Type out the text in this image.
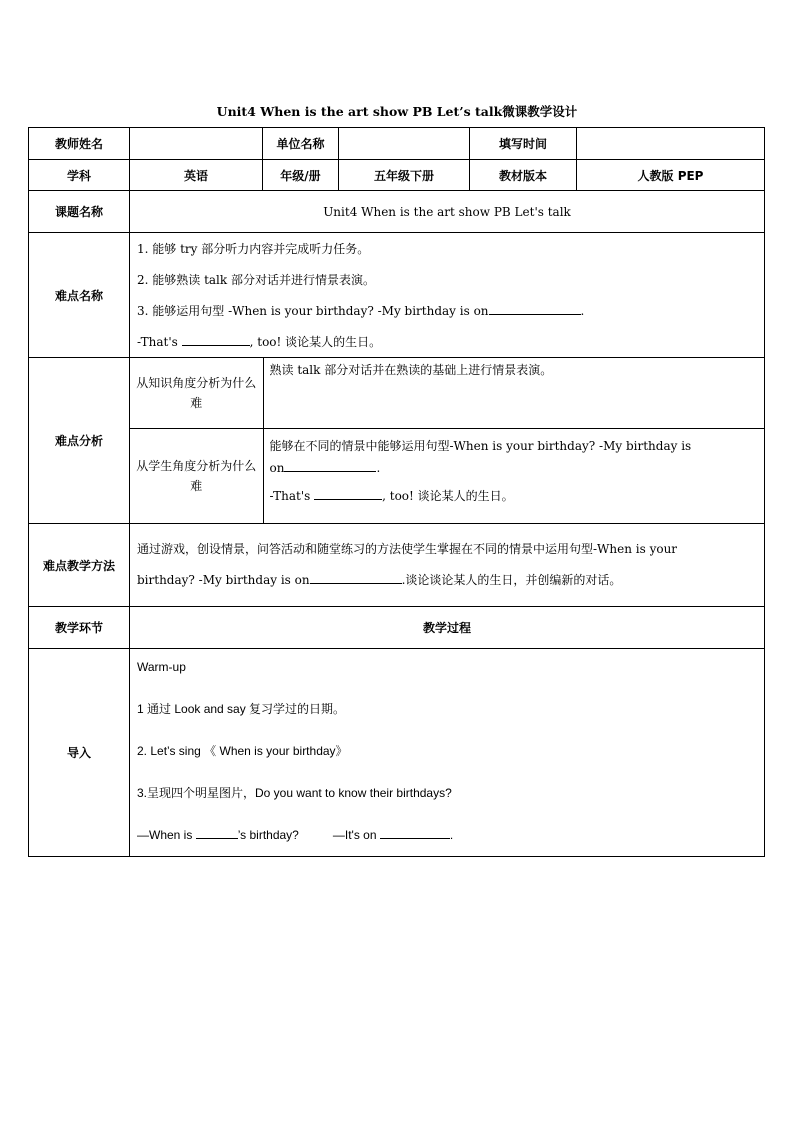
Unit4 When is the art show PB Let’s talk微课教学设计
教师姓名		单位名称		填写时间	
学科	英语	年级/册	五年级下册	教材版本	人教版 PEP
课题名称	Unit4 When is the art show PB Let's talk
难点名称	

1. 能够 try 部分听力内容并完成听力任务。

2. 能够熟读 talk 部分对话并进行情景表演。

3. 能够运用句型 -When is your birthday? -My birthday is on	.

-That's	, too! 谈论某人的生日。

难点分析	
从知识角度分析为什么难	熟读 talk 部分对话并在熟读的基础上进行情景表演。
从学生角度分析为什么难	

能够在不同的情景中能够运用句型-When is your birthday? -My birthday is
on	.

-That's	, too! 谈论某人的生日。

难点教学方法	

通过游戏，创设情景，问答活动和随堂练习的方法使学生掌握在不同的情景中运用句型-When is your
birthday? -My birthday is on	.谈论谈论某人的生日，并创编新的对话。

教学环节	教学过程
导入	

Warm-up

1 通过 Look and say 复习学过的日期。

2. Let’s sing 《 When is your birthday》

3.呈现四个明星图片，Do you want to know their birthdays?

—When is	’s birthday?	—It's on	.
